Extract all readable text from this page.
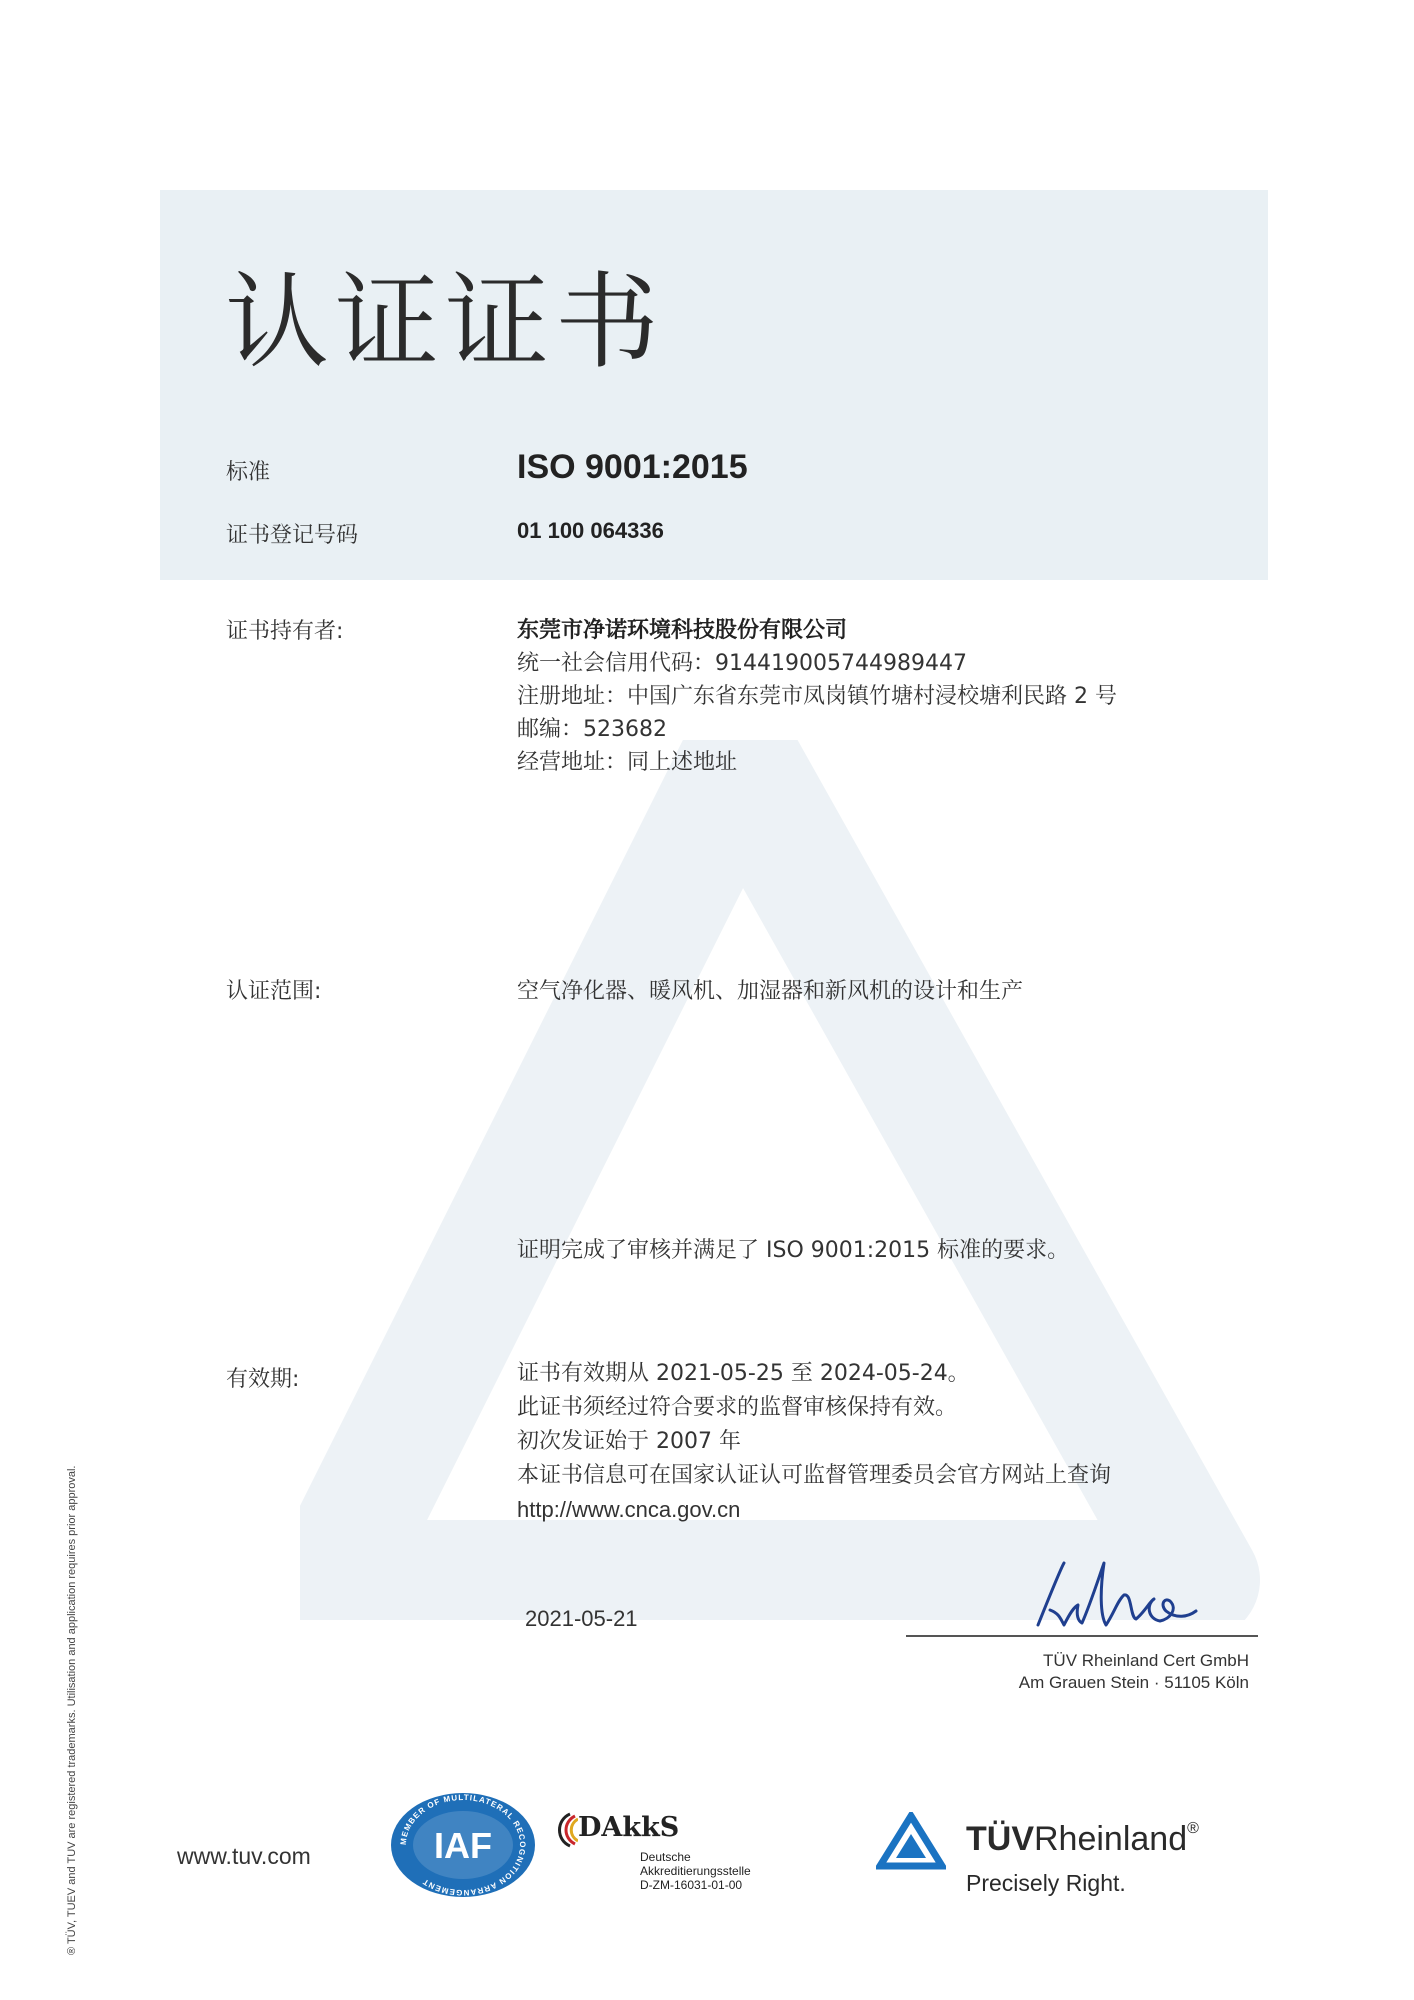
认证证书
标准	ISO 9001:2015
证书登记号码	01 100 064336
证书持有者:	东莞市净诺环境科技股份有限公司
统一社会信用代码：914419005744989447
注册地址：中国广东省东莞市凤岗镇竹塘村浸校塘利民路 2 号
邮编：523682
经营地址：同上述地址
认证范围:	空气净化器、暖风机、加湿器和新风机的设计和生产
证明完成了审核并满足了 ISO 9001:2015 标准的要求。
有效期:	证书有效期从 2021-05-25 至 2024-05-24。
此证书须经过符合要求的监督审核保持有效。
初次发证始于 2007 年
本证书信息可在国家认证认可监督管理委员会官方网站上查询
http://www.cnca.gov.cn
2021-05-21
TÜV Rheinland Cert GmbH
Am Grauen Stein · 51105 Köln
® TÜV, TUEV and TUV are registered trademarks. Utilisation and application requires prior approval.	www.tuv.com
MEMBER OF MULTILATERAL RECOGNITION ARRANGEMENT
IAF	DAkkS
Deutsche
Akkreditierungsstelle
D-ZM-16031-01-00
TÜVRheinland®
Precisely Right.
